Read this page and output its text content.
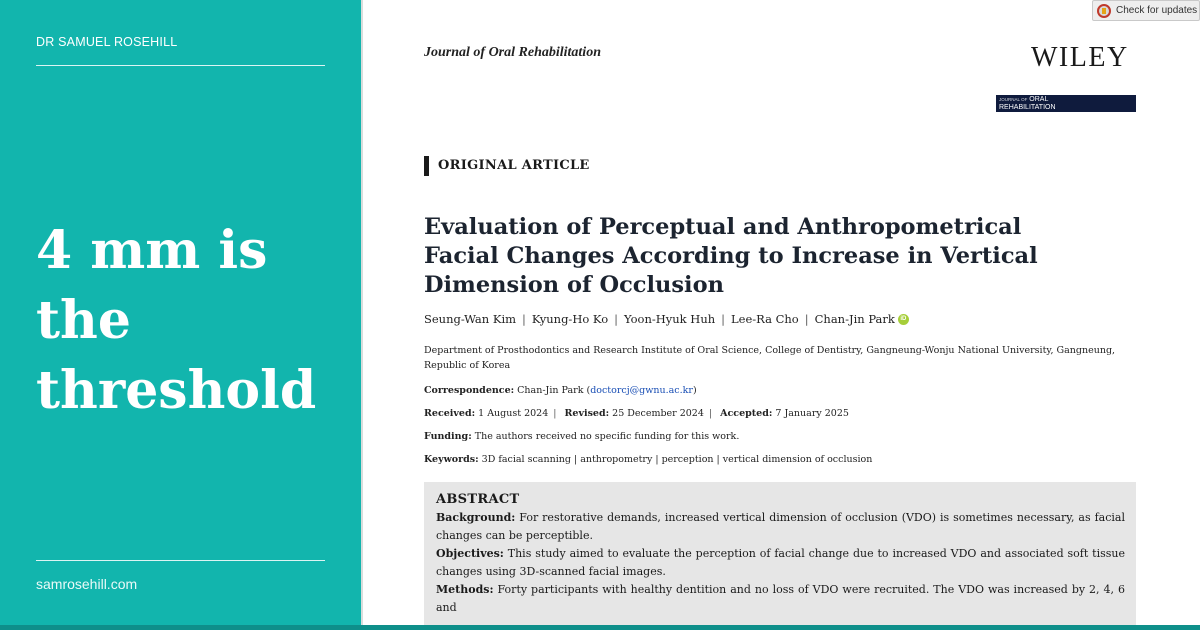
DR SAMUEL ROSEHILL
4 mm is
the
threshold
samrosehill.com
Journal of Oral Rehabilitation	WILEY
JOURNAL OF ORAL
REHABILITATION
Check for updates
ORIGINAL ARTICLE
Evaluation of Perceptual and Anthropometrical Facial Changes According to Increase in Vertical Dimension of Occlusion
Seung-Wan Kim | Kyung-Ho Ko | Yoon-Hyuk Huh | Lee-Ra Cho | Chan-Jin Park iD
Department of Prosthodontics and Research Institute of Oral Science, College of Dentistry, Gangneung-Wonju National University, Gangneung, Republic of Korea
Correspondence: Chan-Jin Park (doctorcj@gwnu.ac.kr)
Received: 1 August 2024 | Revised: 25 December 2024 | Accepted: 7 January 2025
Funding: The authors received no specific funding for this work.
Keywords: 3D facial scanning | anthropometry | perception | vertical dimension of occlusion
ABSTRACT

Background: For restorative demands, increased vertical dimension of occlusion (VDO) is sometimes necessary, as facial changes can be perceptible.

Objectives: This study aimed to evaluate the perception of facial change due to increased VDO and associated soft tissue changes using 3D-scanned facial images.

Methods: Forty participants with healthy dentition and no loss of VDO were recruited. The VDO was increased by 2, 4, 6 and
